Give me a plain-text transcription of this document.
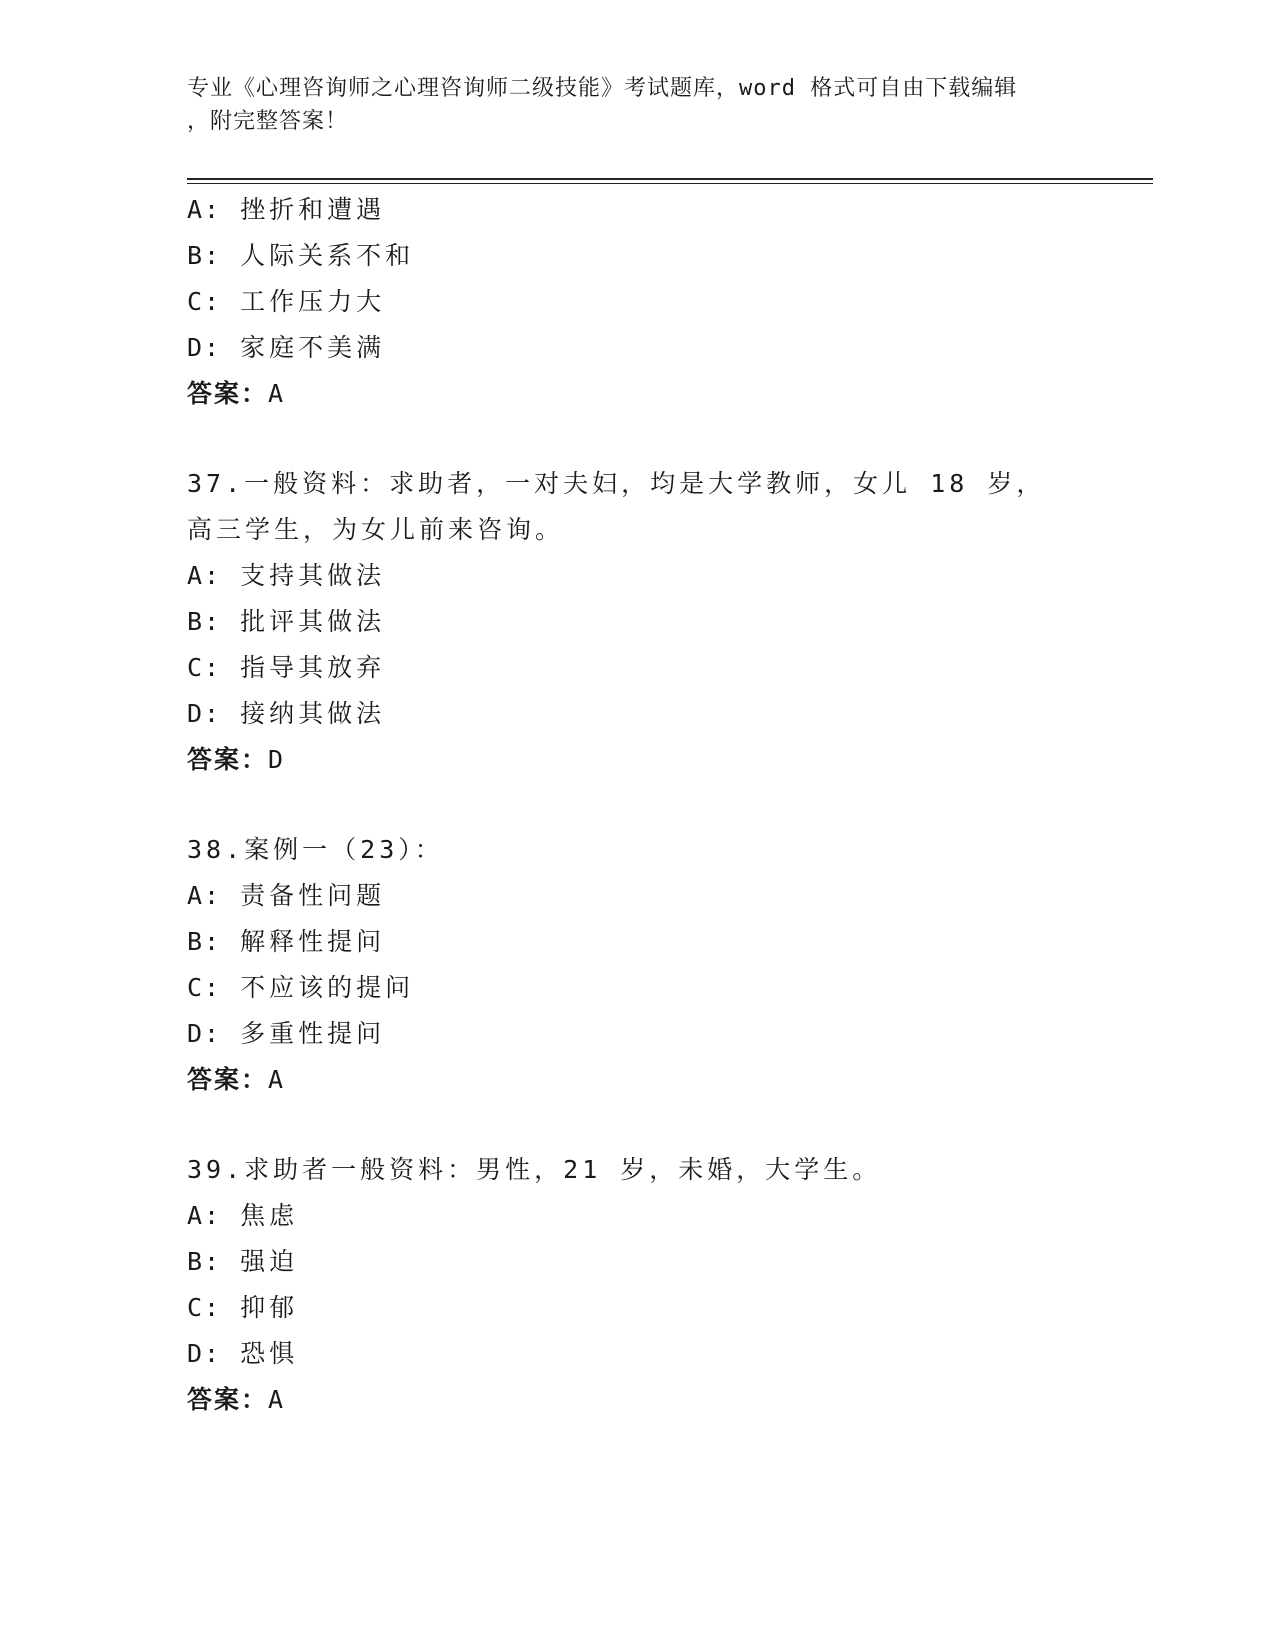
专业《心理咨询师之心理咨询师二级技能》考试题库，word 格式可自由下载编辑
，附完整答案！
A: 挫折和遭遇
B: 人际关系不和
C: 工作压力大
D: 家庭不美满
答案：A
37.一般资料：求助者，一对夫妇，均是大学教师，女儿 18 岁，高三学生，为女儿前来咨询。
A: 支持其做法
B: 批评其做法
C: 指导其放弃
D: 接纳其做法
答案：D
38.案例一（23）：
A: 责备性问题
B: 解释性提问
C: 不应该的提问
D: 多重性提问
答案：A
39.求助者一般资料：男性，21 岁，未婚，大学生。
A: 焦虑
B: 强迫
C: 抑郁
D: 恐惧
答案：A
